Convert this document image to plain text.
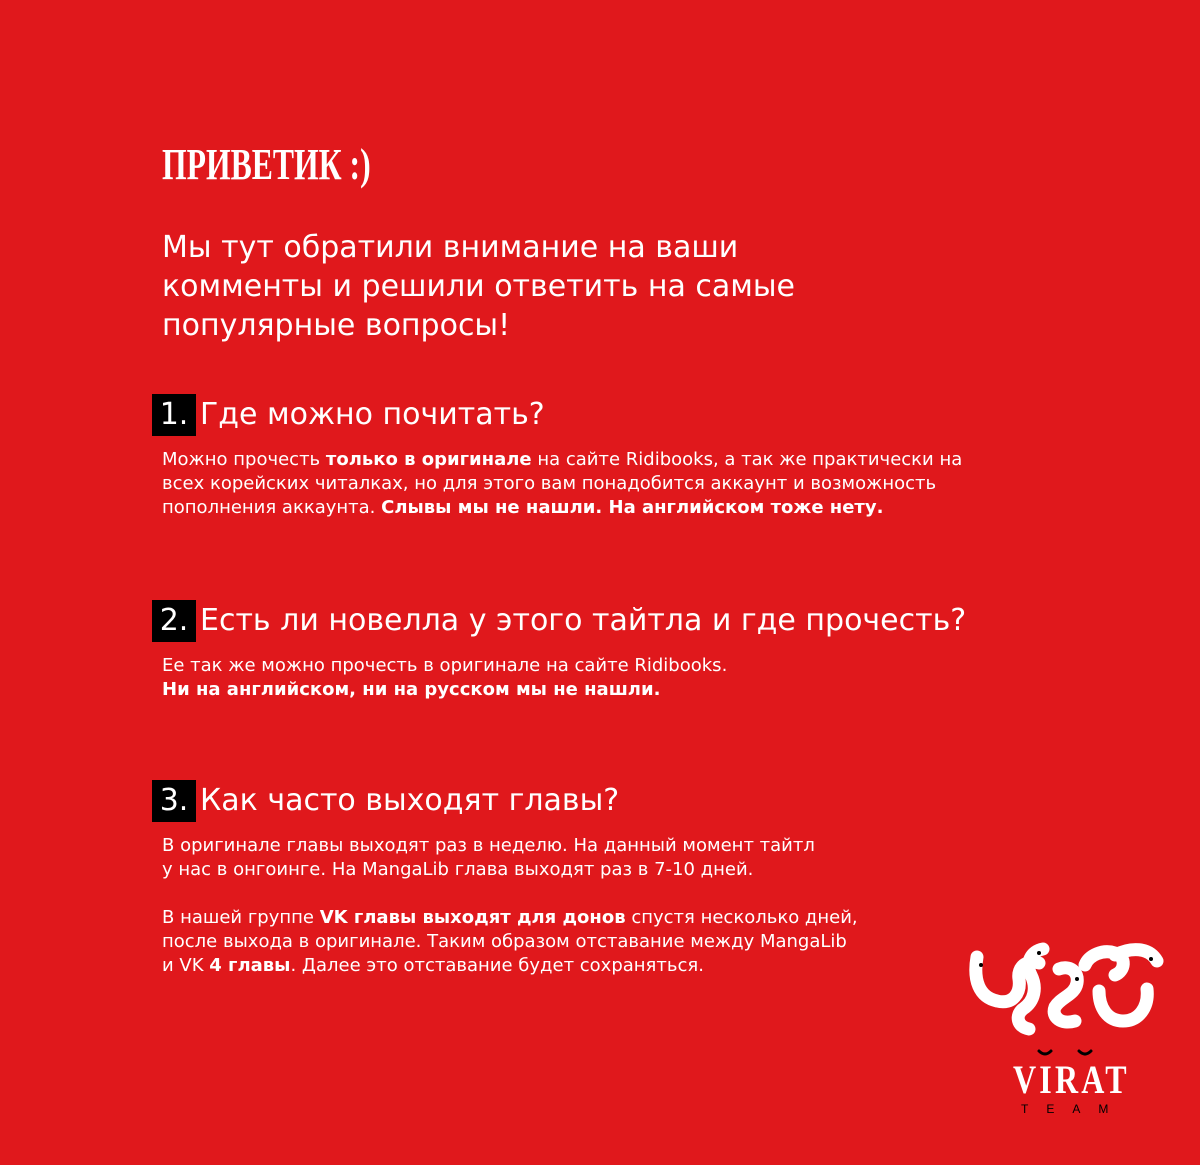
ПРИВЕТИК :)

Мы тут обратили внимание на ваши
комменты и решили ответить на самые
популярные вопросы!

1. Где можно почитать?
Можно прочесть только в оригинале на сайте Ridibooks, а так же практически на
всех корейских читалках, но для этого вам понадобится аккаунт и возможность
пополнения аккаунта. Слывы мы не нашли. На английском тоже нету.
2. Есть ли новелла у этого тайтла и где прочесть?
Ее так же можно прочесть в оригинале на сайте Ridibooks.
Ни на английском, ни на русском мы не нашли.
3. Как часто выходят главы?
В оригинале главы выходят раз в неделю. На данный момент тайтл
у нас в онгоинге. На MangaLib глава выходят раз в 7-10 дней.

В нашей группе VK главы выходят для донов спустя несколько дней,
после выхода в оригинале. Таким образом отставание между MangaLib
и VK 4 главы. Далее это отставание будет сохраняться.

VIRAT

TEAM
